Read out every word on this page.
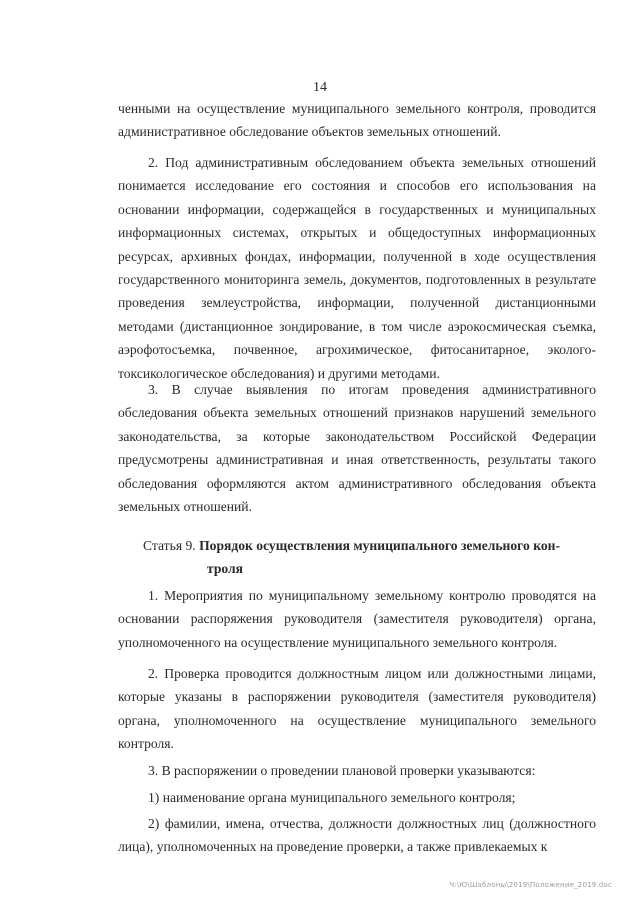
14
ченными на осуществление муниципального земельного контроля, проводится административное обследование объектов земельных отношений.
2. Под административным обследованием объекта земельных отношений понимается исследование его состояния и способов его использования на основании информации, содержащейся в государственных и муниципальных информационных системах, открытых и общедоступных информационных ресурсах, архивных фондах, информации, полученной в ходе осуществления государственного мониторинга земель, документов, подготовленных в результате проведения землеустройства, информации, полученной дистанционными методами (дистанционное зондирование, в том числе аэрокосмическая съемка, аэрофотосъемка, почвенное, агрохимическое, фитосанитарное, эколого-токсикологическое обследования) и другими методами.
3. В случае выявления по итогам проведения административного обследования объекта земельных отношений признаков нарушений земельного законодательства, за которые законодательством Российской Федерации предусмотрены административная и иная ответственность, результаты такого обследования оформляются актом административного обследования объекта земельных отношений.
Статья 9. Порядок осуществления муниципального земельного кон-
троля
1. Мероприятия по муниципальному земельному контролю проводятся на основании распоряжения руководителя (заместителя руководителя) органа, уполномоченного на осуществление муниципального земельного контроля.
2. Проверка проводится должностным лицом или должностными лицами, которые указаны в распоряжении руководителя (заместителя руководителя) органа, уполномоченного на осуществление муниципального земельного контроля.
3. В распоряжении о проведении плановой проверки указываются:
1) наименование органа муниципального земельного контроля;
2) фамилии, имена, отчества, должности должностных лиц (должностного лица), уполномоченных на проведение проверки, а также привлекаемых к
Ч:\Ю\Шаблоны\2019\Положение_2019.doc
